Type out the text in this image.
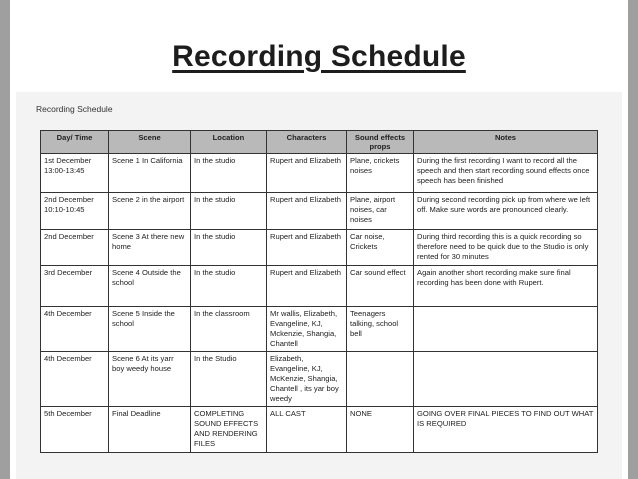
Recording Schedule
Recording Schedule
Day/ Time	Scene	Location	Characters	Sound effects props	Notes
1st December 13:00-13:45	Scene 1 In California	In the studio	Rupert and Elizabeth	Plane, crickets noises	During the first recording I want to record all the speech and then start recording sound effects once speech has been finished
2nd December 10:10-10:45	Scene 2 in the airport	In the studio	Rupert and Elizabeth	Plane, airport noises, car noises	During second recording pick up from where we left off. Make sure words are pronounced clearly.
2nd December	Scene 3 At there new home	In the studio	Rupert and Elizabeth	Car noise, Crickets	During third recording this is a quick recording so therefore need to be quick due to the Studio is only rented for 30 minutes
3rd December	Scene 4 Outside the school	In the studio	Rupert and Elizabeth	Car sound effect	Again another short recording make sure final recording has been done with Rupert.
4th December	Scene 5 Inside the school	In the classroom	Mr wallis, Elizabeth, Evangeline, KJ, Mckenzie, Shangia, Chantell	Teenagers talking, school bell	
4th December	Scene 6 At its yarr boy weedy house	In the Studio	Elizabeth, Evangeline, KJ, McKenzie, Shangia, Chantell , its yar boy weedy		
5th December	Final Deadline	COMPLETING SOUND EFFECTS AND RENDERING FILES	ALL CAST	NONE	GOING OVER FINAL PIECES TO FIND OUT WHAT IS REQUIRED
